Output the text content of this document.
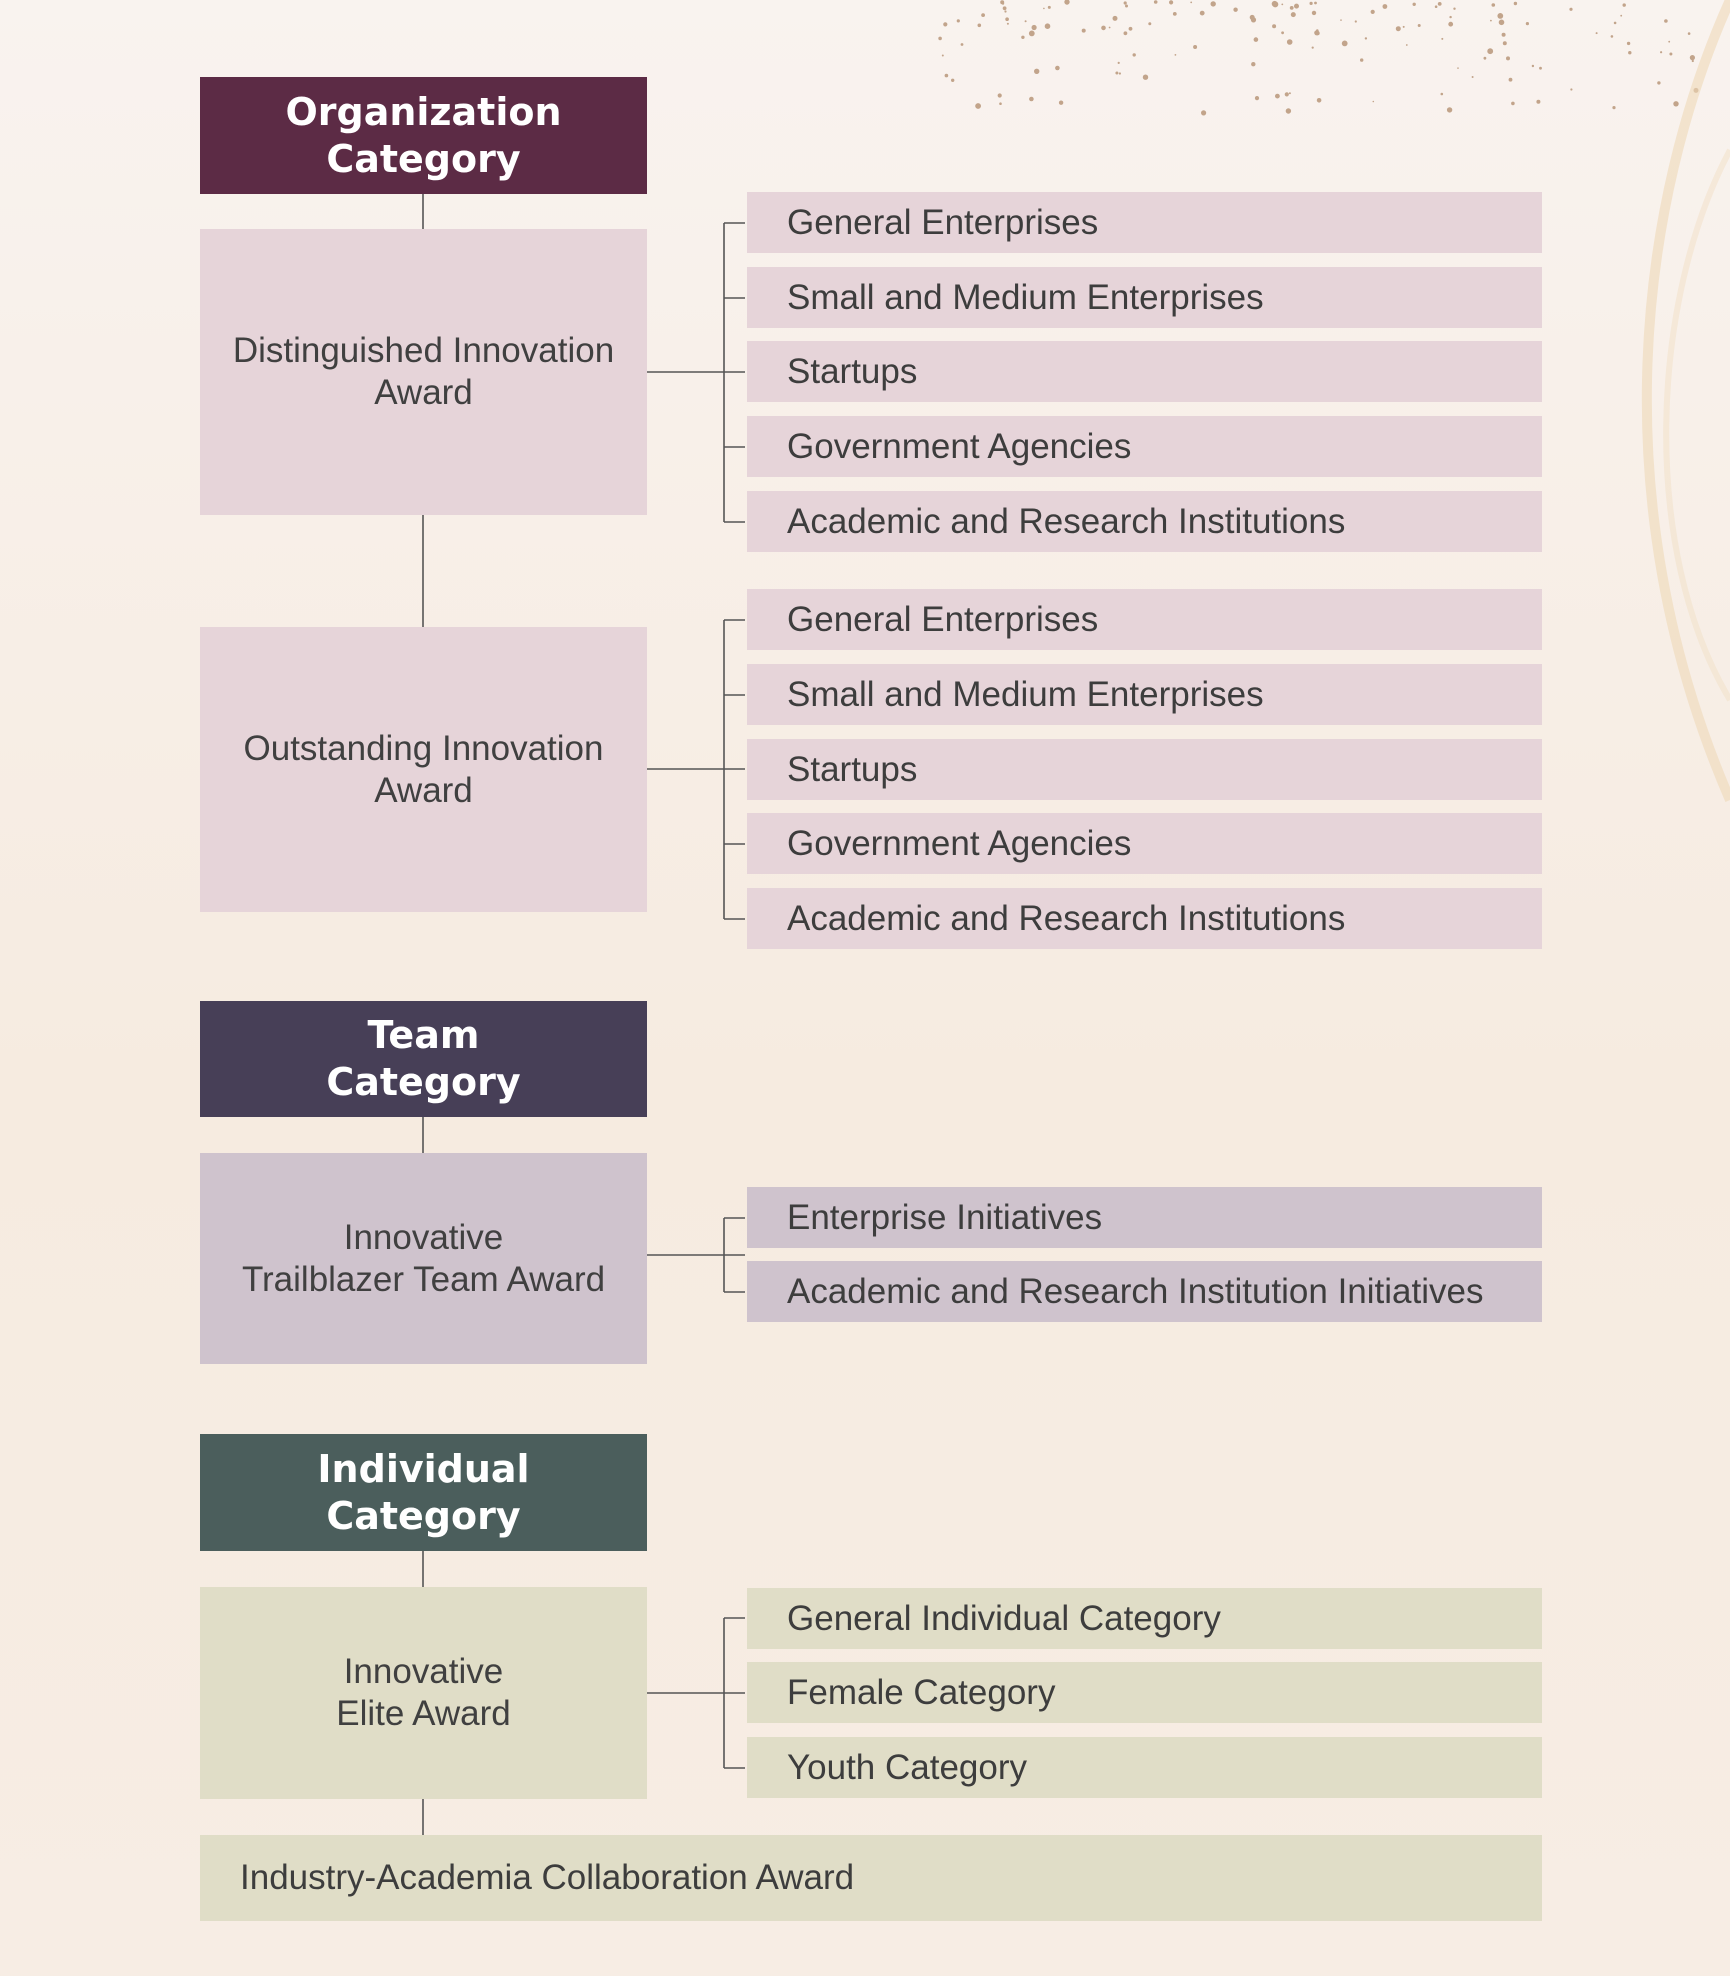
Organization
Category
Distinguished Innovation
Award
General Enterprises
Small and Medium Enterprises
Startups
Government Agencies
Academic and Research Institutions
Outstanding Innovation
Award
General Enterprises
Small and Medium Enterprises
Startups
Government Agencies
Academic and Research Institutions
Team
Category
Innovative
Trailblazer Team Award
Enterprise Initiatives
Academic and Research Institution Initiatives
Individual
Category
Innovative
Elite Award
General Individual Category
Female Category
Youth Category
Industry-Academia Collaboration Award
